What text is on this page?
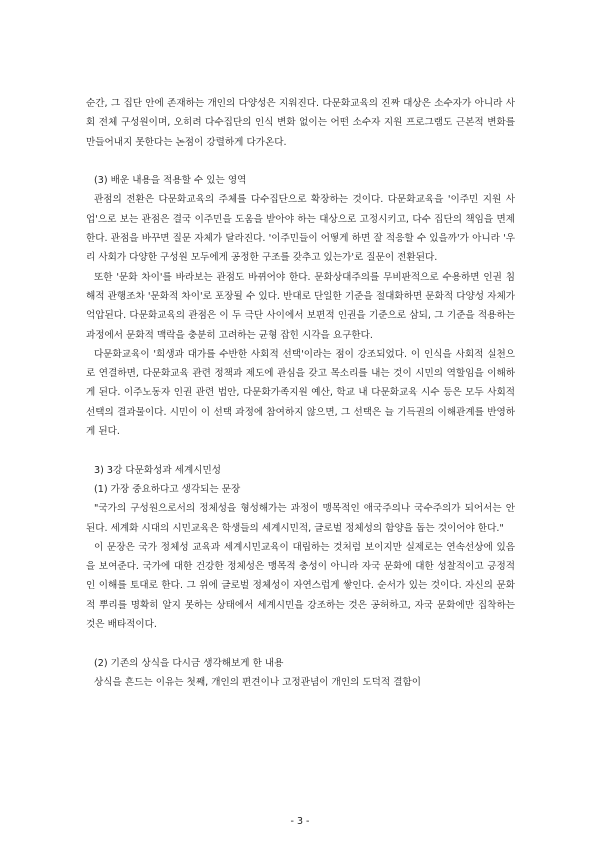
순간, 그 집단 안에 존재하는 개인의 다양성은 지워진다. 다문화교육의 진짜 대상은 소수자가 아니라 사회 전체 구성원이며, 오히려 다수집단의 인식 변화 없이는 어떤 소수자 지원 프로그램도 근본적 변화를 만들어내지 못한다는 논점이 강렬하게 다가온다.

(3) 배운 내용을 적용할 수 있는 영역

관점의 전환은 다문화교육의 주체를 다수집단으로 확장하는 것이다. 다문화교육을 '이주민 지원 사업'으로 보는 관점은 결국 이주민을 도움을 받아야 하는 대상으로 고정시키고, 다수 집단의 책임을 면제한다. 관점을 바꾸면 질문 자체가 달라진다. '이주민들이 어떻게 하면 잘 적응할 수 있을까'가 아니라 '우리 사회가 다양한 구성원 모두에게 공정한 구조를 갖추고 있는가'로 질문이 전환된다.

또한 '문화 차이'를 바라보는 관점도 바뀌어야 한다. 문화상대주의를 무비판적으로 수용하면 인권 침해적 관행조차 '문화적 차이'로 포장될 수 있다. 반대로 단일한 기준을 절대화하면 문화적 다양성 자체가 억압된다. 다문화교육의 관점은 이 두 극단 사이에서 보편적 인권을 기준으로 삼되, 그 기준을 적용하는 과정에서 문화적 맥락을 충분히 고려하는 균형 잡힌 시각을 요구한다.

다문화교육이 '희생과 대가를 수반한 사회적 선택'이라는 점이 강조되었다. 이 인식을 사회적 실천으로 연결하면, 다문화교육 관련 정책과 제도에 관심을 갖고 목소리를 내는 것이 시민의 역할임을 이해하게 된다. 이주노동자 인권 관련 법안, 다문화가족지원 예산, 학교 내 다문화교육 시수 등은 모두 사회적 선택의 결과물이다. 시민이 이 선택 과정에 참여하지 않으면, 그 선택은 늘 기득권의 이해관계를 반영하게 된다.

3) 3강 다문화성과 세계시민성

(1) 가장 중요하다고 생각되는 문장

"국가의 구성원으로서의 정체성을 형성해가는 과정이 맹목적인 애국주의나 국수주의가 되어서는 안 된다. 세계화 시대의 시민교육은 학생들의 세계시민적, 글로벌 정체성의 함양을 돕는 것이어야 한다."

이 문장은 국가 정체성 교육과 세계시민교육이 대립하는 것처럼 보이지만 실제로는 연속선상에 있음을 보여준다. 국가에 대한 건강한 정체성은 맹목적 충성이 아니라 자국 문화에 대한 성찰적이고 긍정적인 이해를 토대로 한다. 그 위에 글로벌 정체성이 자연스럽게 쌓인다. 순서가 있는 것이다. 자신의 문화적 뿌리를 명확히 알지 못하는 상태에서 세계시민을 강조하는 것은 공허하고, 자국 문화에만 집착하는 것은 배타적이다.

(2) 기존의 상식을 다시금 생각해보게 한 내용

상식을 흔드는 이유는 첫째, 개인의 편견이나 고정관념이 개인의 도덕적 결함이

- 3 -
